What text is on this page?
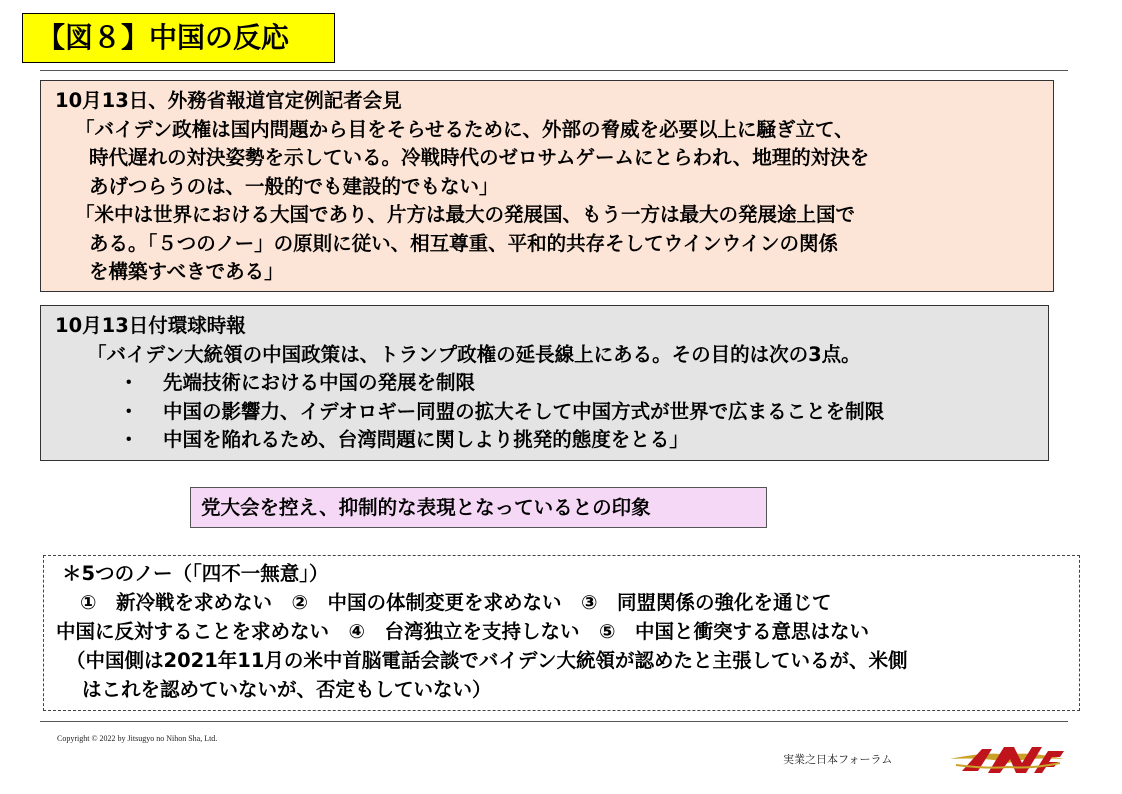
【図８】中国の反応
10月13日、外務省報道官定例記者会見
「バイデン政権は国内問題から目をそらせるために、外部の脅威を必要以上に騒ぎ立て、
時代遅れの対決姿勢を示している。冷戦時代のゼロサムゲームにとらわれ、地理的対決を
あげつらうのは、一般的でも建設的でもない」
「米中は世界における大国であり、片方は最大の発展国、もう一方は最大の発展途上国で
ある。「５つのノー」の原則に従い、相互尊重、平和的共存そしてウインウインの関係
を構築すべきである」
10月13日付環球時報
「バイデン大統領の中国政策は、トランプ政権の延長線上にある。その目的は次の3点。
・	先端技術における中国の発展を制限
・	中国の影響力、イデオロギー同盟の拡大そして中国方式が世界で広まることを制限
・	中国を陥れるため、台湾問題に関しより挑発的態度をとる」
党大会を控え、抑制的な表現となっているとの印象
＊5つのノー（「四不一無意」）
①　新冷戦を求めない　②　中国の体制変更を求めない　③　同盟関係の強化を通じて
中国に反対することを求めない　④　台湾独立を支持しない　⑤　中国と衝突する意思はない
（中国側は2021年11月の米中首脳電話会談でバイデン大統領が認めたと主張しているが、米側
はこれを認めていないが、否定もしていない）
Copyright © 2022 by Jitsugyo no Nihon Sha, Ltd.
実業之日本フォーラム
